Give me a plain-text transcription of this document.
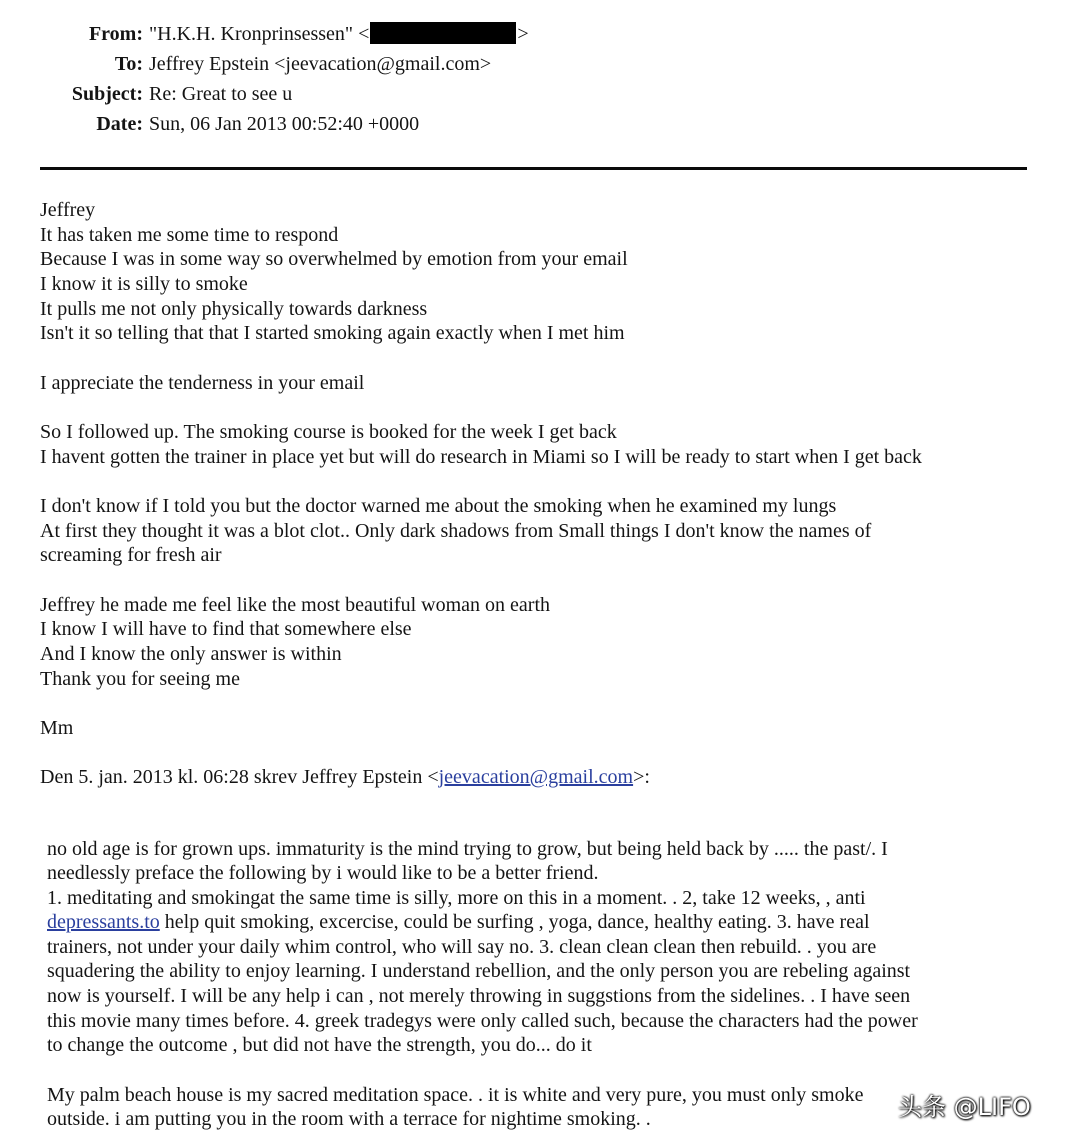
From: "H.K.H. Kronprinsessen" <	>
To: Jeffrey Epstein <jeevacation@gmail.com>
Subject: Re: Great to see u
Date: Sun, 06 Jan 2013 00:52:40 +0000
Jeffrey
It has taken me some time to respond
Because I was in some way so overwhelmed by emotion from your email
I know it is silly to smoke
It pulls me not only physically towards darkness
Isn't it so telling that that I started smoking again exactly when I met him
I appreciate the tenderness in your email
So I followed up. The smoking course is booked for the week I get back
I havent gotten the trainer in place yet but will do research in Miami so I will be ready to start when I get back
I don't know if I told you but the doctor warned me about the smoking when he examined my lungs
At first they thought it was a blot clot.. Only dark shadows from Small things I don't know the names of
screaming for fresh air
Jeffrey he made me feel like the most beautiful woman on earth
I know I will have to find that somewhere else
And I know the only answer is within
Thank you for seeing me
Mm
Den 5. jan. 2013 kl. 06:28 skrev Jeffrey Epstein <jeevacation@gmail.com>:
no old age is for grown ups. immaturity is the mind trying to grow, but being held back by ..... the past/. I
needlessly preface the following by i would like to be a better friend.
1. meditating and smokingat the same time is silly, more on this in a moment. . 2, take 12 weeks, , anti
depressants.to help quit smoking, excercise, could be surfing , yoga, dance, healthy eating. 3. have real
trainers, not under your daily whim control, who will say no. 3. clean clean clean then rebuild. . you are
squadering the ability to enjoy learning. I understand rebellion, and the only person you are rebeling against
now is yourself. I will be any help i can , not merely throwing in suggstions from the sidelines. . I have seen
this movie many times before. 4. greek tradegys were only called such, because the characters had the power
to change the outcome , but did not have the strength, you do... do it
My palm beach house is my sacred meditation space. . it is white and very pure, you must only smoke
outside. i am putting you in the room with a terrace for nightime smoking. .	头条 @LIFO
